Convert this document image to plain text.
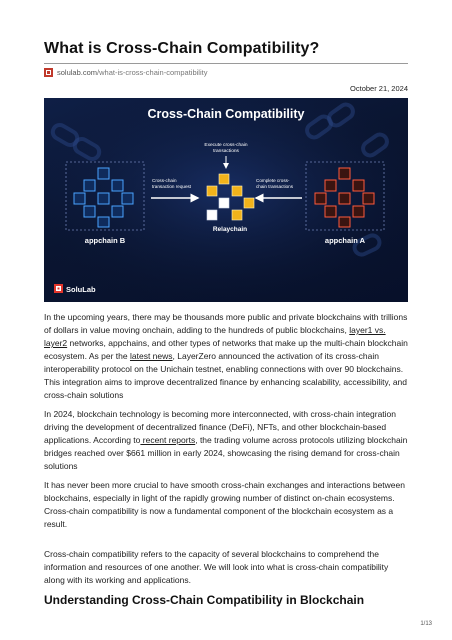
What is Cross-Chain Compatibility?
solulab.com /what-is-cross-chain-compatibility
October 21, 2024
Cross-Chain Compatibility
appchain B	appchain A
Execute cross-chain
transactions
Cross-chain
transaction request
Complete cross-
chain transactions
Relaychain
SoluLab

In the upcoming years, there may be thousands more public and private blockchains with trillions of dollars in value moving onchain, adding to the hundreds of public blockchains, layer1 vs. layer2 networks, appchains, and other types of networks that make up the multi-chain blockchain ecosystem. As per the latest news, LayerZero announced the activation of its cross-chain interoperability protocol on the Unichain testnet, enabling connections with over 90 blockchains. This integration aims to improve decentralized finance by enhancing scalability, accessibility, and cross-chain solutions

In 2024, blockchain technology is becoming more interconnected, with cross-chain integration driving the development of decentralized finance (DeFi), NFTs, and other blockchain-based applications. According to recent reports, the trading volume across protocols utilizing blockchain bridges reached over $661 million in early 2024, showcasing the rising demand for cross-chain solutions

It has never been more crucial to have smooth cross-chain exchanges and interactions between blockchains, especially in light of the rapidly growing number of distinct on-chain ecosystems. Cross-chain compatibility is now a fundamental component of the blockchain ecosystem as a result.

Cross-chain compatibility refers to the capacity of several blockchains to comprehend the information and resources of one another. We will look into what is cross-chain compatibility along with its working and applications.

Understanding Cross-Chain Compatibility in Blockchain
1/13
